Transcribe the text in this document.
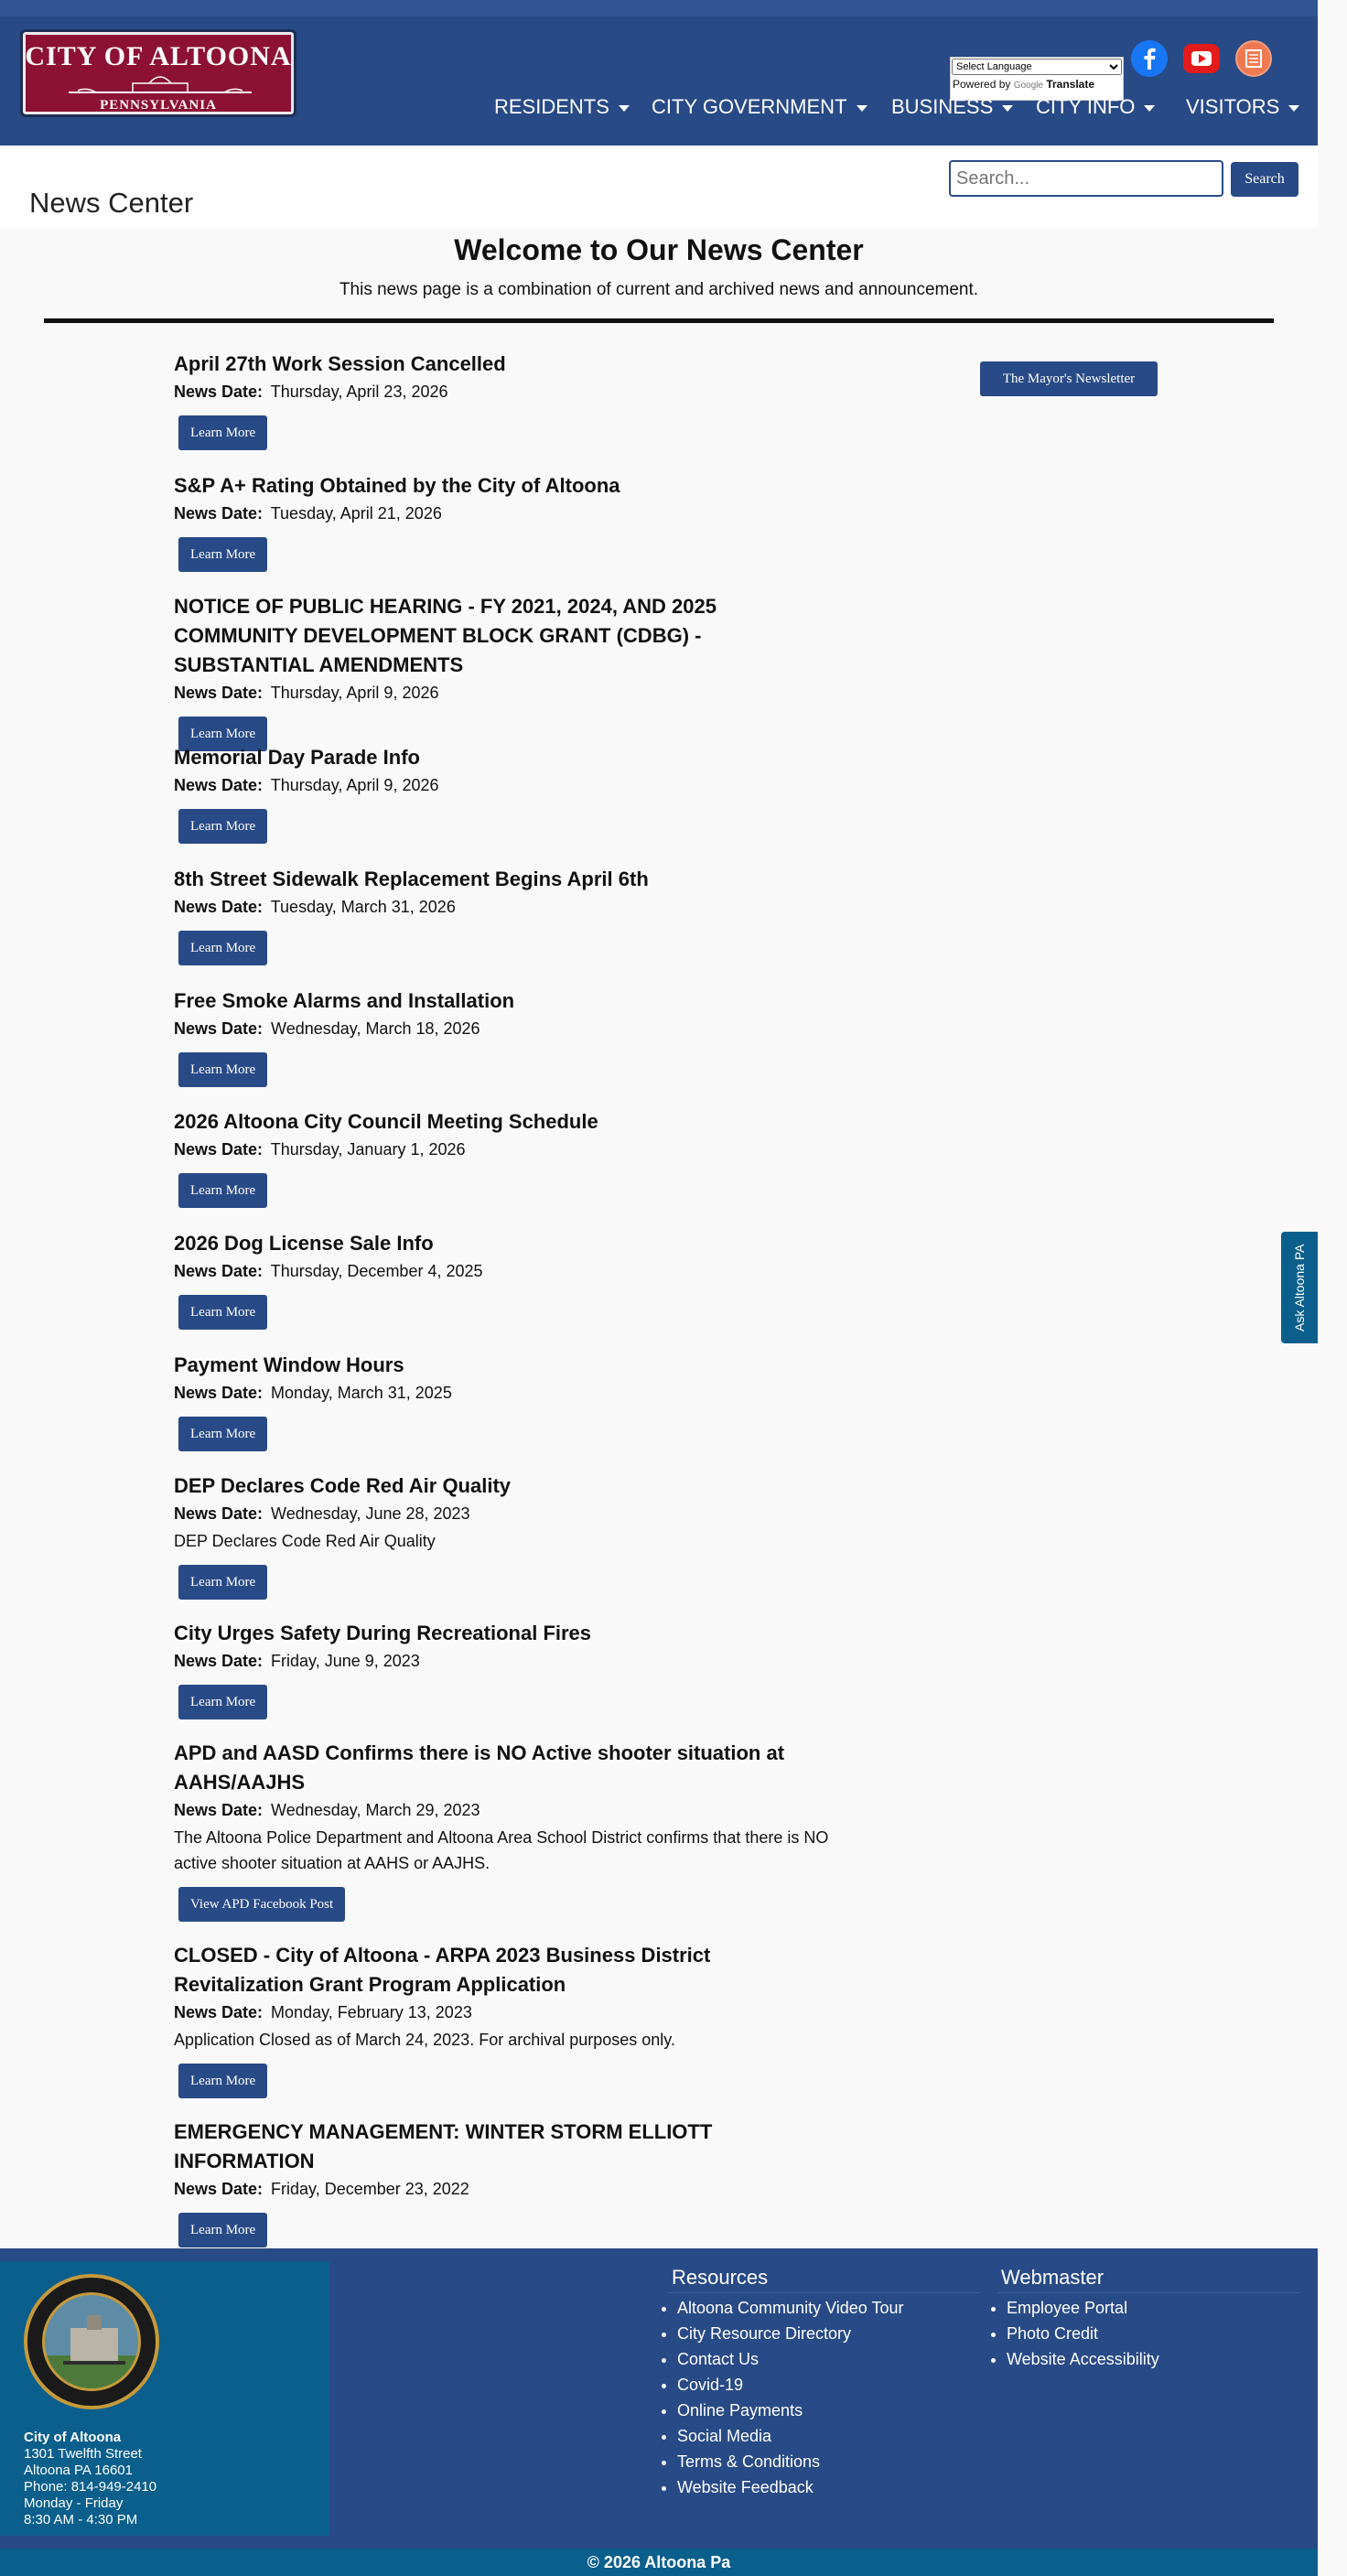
CITY OF ALTOONA
PENNSYLVANIA
Select Language
Powered by Google Translate
RESIDENTS	CITY GOVERNMENT	BUSINESS	CITY INFO	VISITORS
News Center
Search...
Search
Welcome to Our News Center
This news page is a combination of current and archived news and announcement.
The Mayor's Newsletter
April 27th Work Session Cancelled
News Date: Thursday, April 23, 2026
Learn More
S&P A+ Rating Obtained by the City of Altoona
News Date: Tuesday, April 21, 2026
Learn More
NOTICE OF PUBLIC HEARING - FY 2021, 2024, AND 2025 COMMUNITY DEVELOPMENT BLOCK GRANT (CDBG) - SUBSTANTIAL AMENDMENTS
News Date: Thursday, April 9, 2026
Learn More
Memorial Day Parade Info
News Date: Thursday, April 9, 2026
Learn More
8th Street Sidewalk Replacement Begins April 6th
News Date: Tuesday, March 31, 2026
Learn More
Free Smoke Alarms and Installation
News Date: Wednesday, March 18, 2026
Learn More
2026 Altoona City Council Meeting Schedule
News Date: Thursday, January 1, 2026
Learn More
2026 Dog License Sale Info
News Date: Thursday, December 4, 2025
Learn More
Payment Window Hours
News Date: Monday, March 31, 2025
Learn More
DEP Declares Code Red Air Quality
News Date: Wednesday, June 28, 2023
DEP Declares Code Red Air Quality
Learn More
City Urges Safety During Recreational Fires
News Date: Friday, June 9, 2023
Learn More
APD and AASD Confirms there is NO Active shooter situation at AAHS/AAJHS
News Date: Wednesday, March 29, 2023
The Altoona Police Department and Altoona Area School District confirms that there is NO active shooter situation at AAHS or AAJHS.
View APD Facebook Post
CLOSED - City of Altoona - ARPA 2023 Business District Revitalization Grant Program Application
News Date: Monday, February 13, 2023
Application Closed as of March 24, 2023. For archival purposes only.
Learn More
EMERGENCY MANAGEMENT: WINTER STORM ELLIOTT INFORMATION
News Date: Friday, December 23, 2022
Learn More
Ask Altoona PA
City of Altoona
1301 Twelfth Street
Altoona PA 16601
Phone: 814-949-2410
Monday - Friday
8:30 AM - 4:30 PM
Resources
• Altoona Community Video Tour
• City Resource Directory
• Contact Us
• Covid-19
• Online Payments
• Social Media
• Terms & Conditions
• Website Feedback
Webmaster
• Employee Portal
• Photo Credit
• Website Accessibility
© 2026 Altoona Pa
